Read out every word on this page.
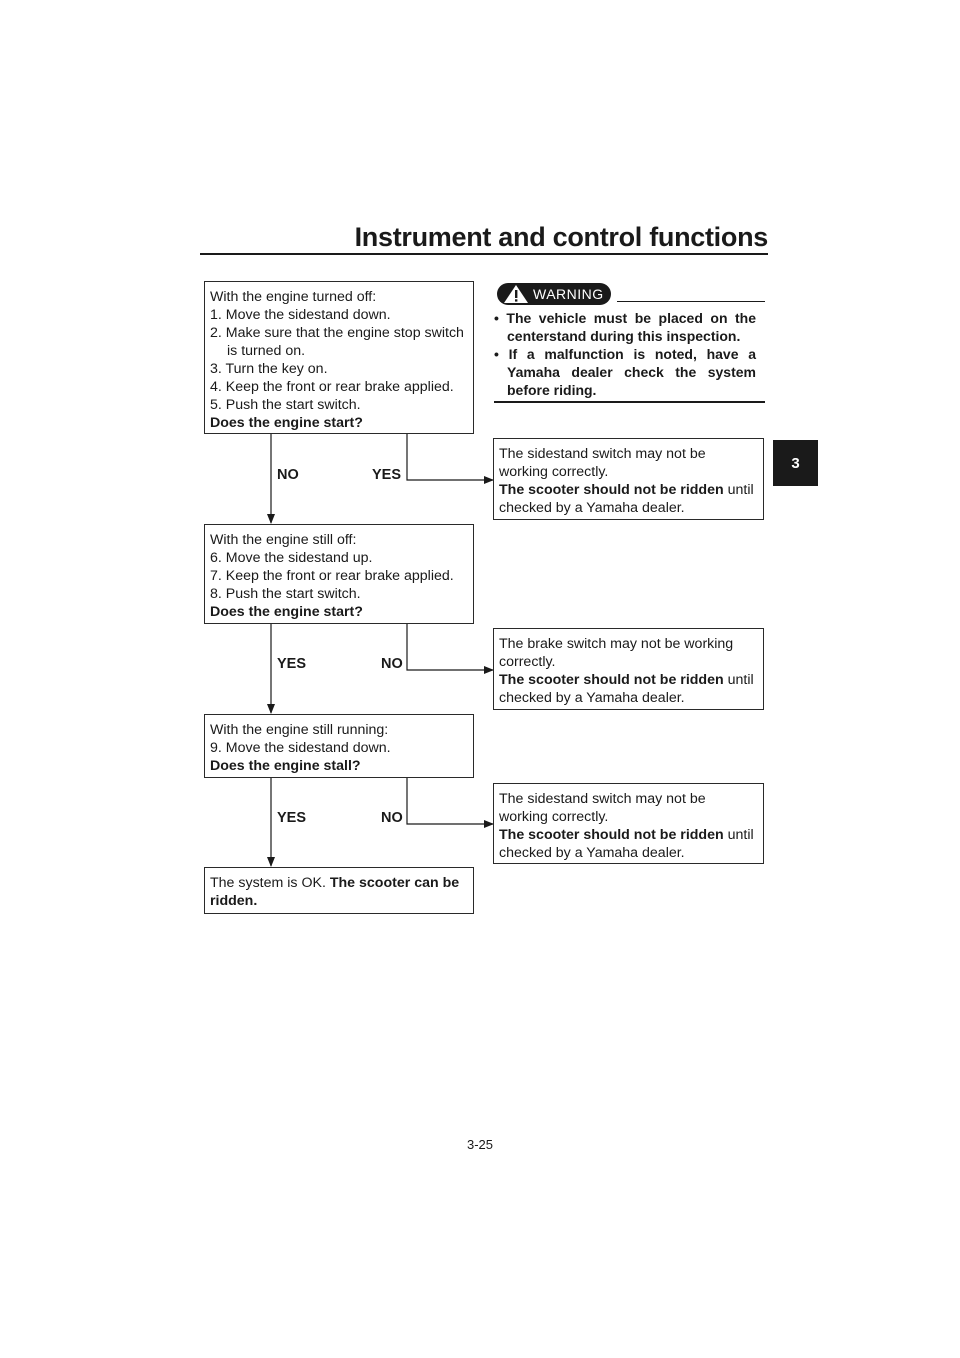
Instrument and control functions
3
With the engine turned off:
1. Move the sidestand down.
2. Make sure that the engine stop switch
is turned on.
3. Turn the key on.
4. Keep the front or rear brake applied.
5. Push the start switch.
Does the engine start?
NO	YES
WARNING
• The vehicle must be placed on the centerstand during this inspection.
• If a malfunction is noted, have a Yamaha dealer check the system before riding.
The sidestand switch may not be
working correctly.
The scooter should not be ridden until
checked by a Yamaha dealer.
With the engine still off:
6. Move the sidestand up.
7. Keep the front or rear brake applied.
8. Push the start switch.
Does the engine start?
YES	NO
The brake switch may not be working
correctly.
The scooter should not be ridden until
checked by a Yamaha dealer.
With the engine still running:
9. Move the sidestand down.
Does the engine stall?
YES	NO
The sidestand switch may not be
working correctly.
The scooter should not be ridden until
checked by a Yamaha dealer.
The system is OK. The scooter can be
ridden.
3-25
